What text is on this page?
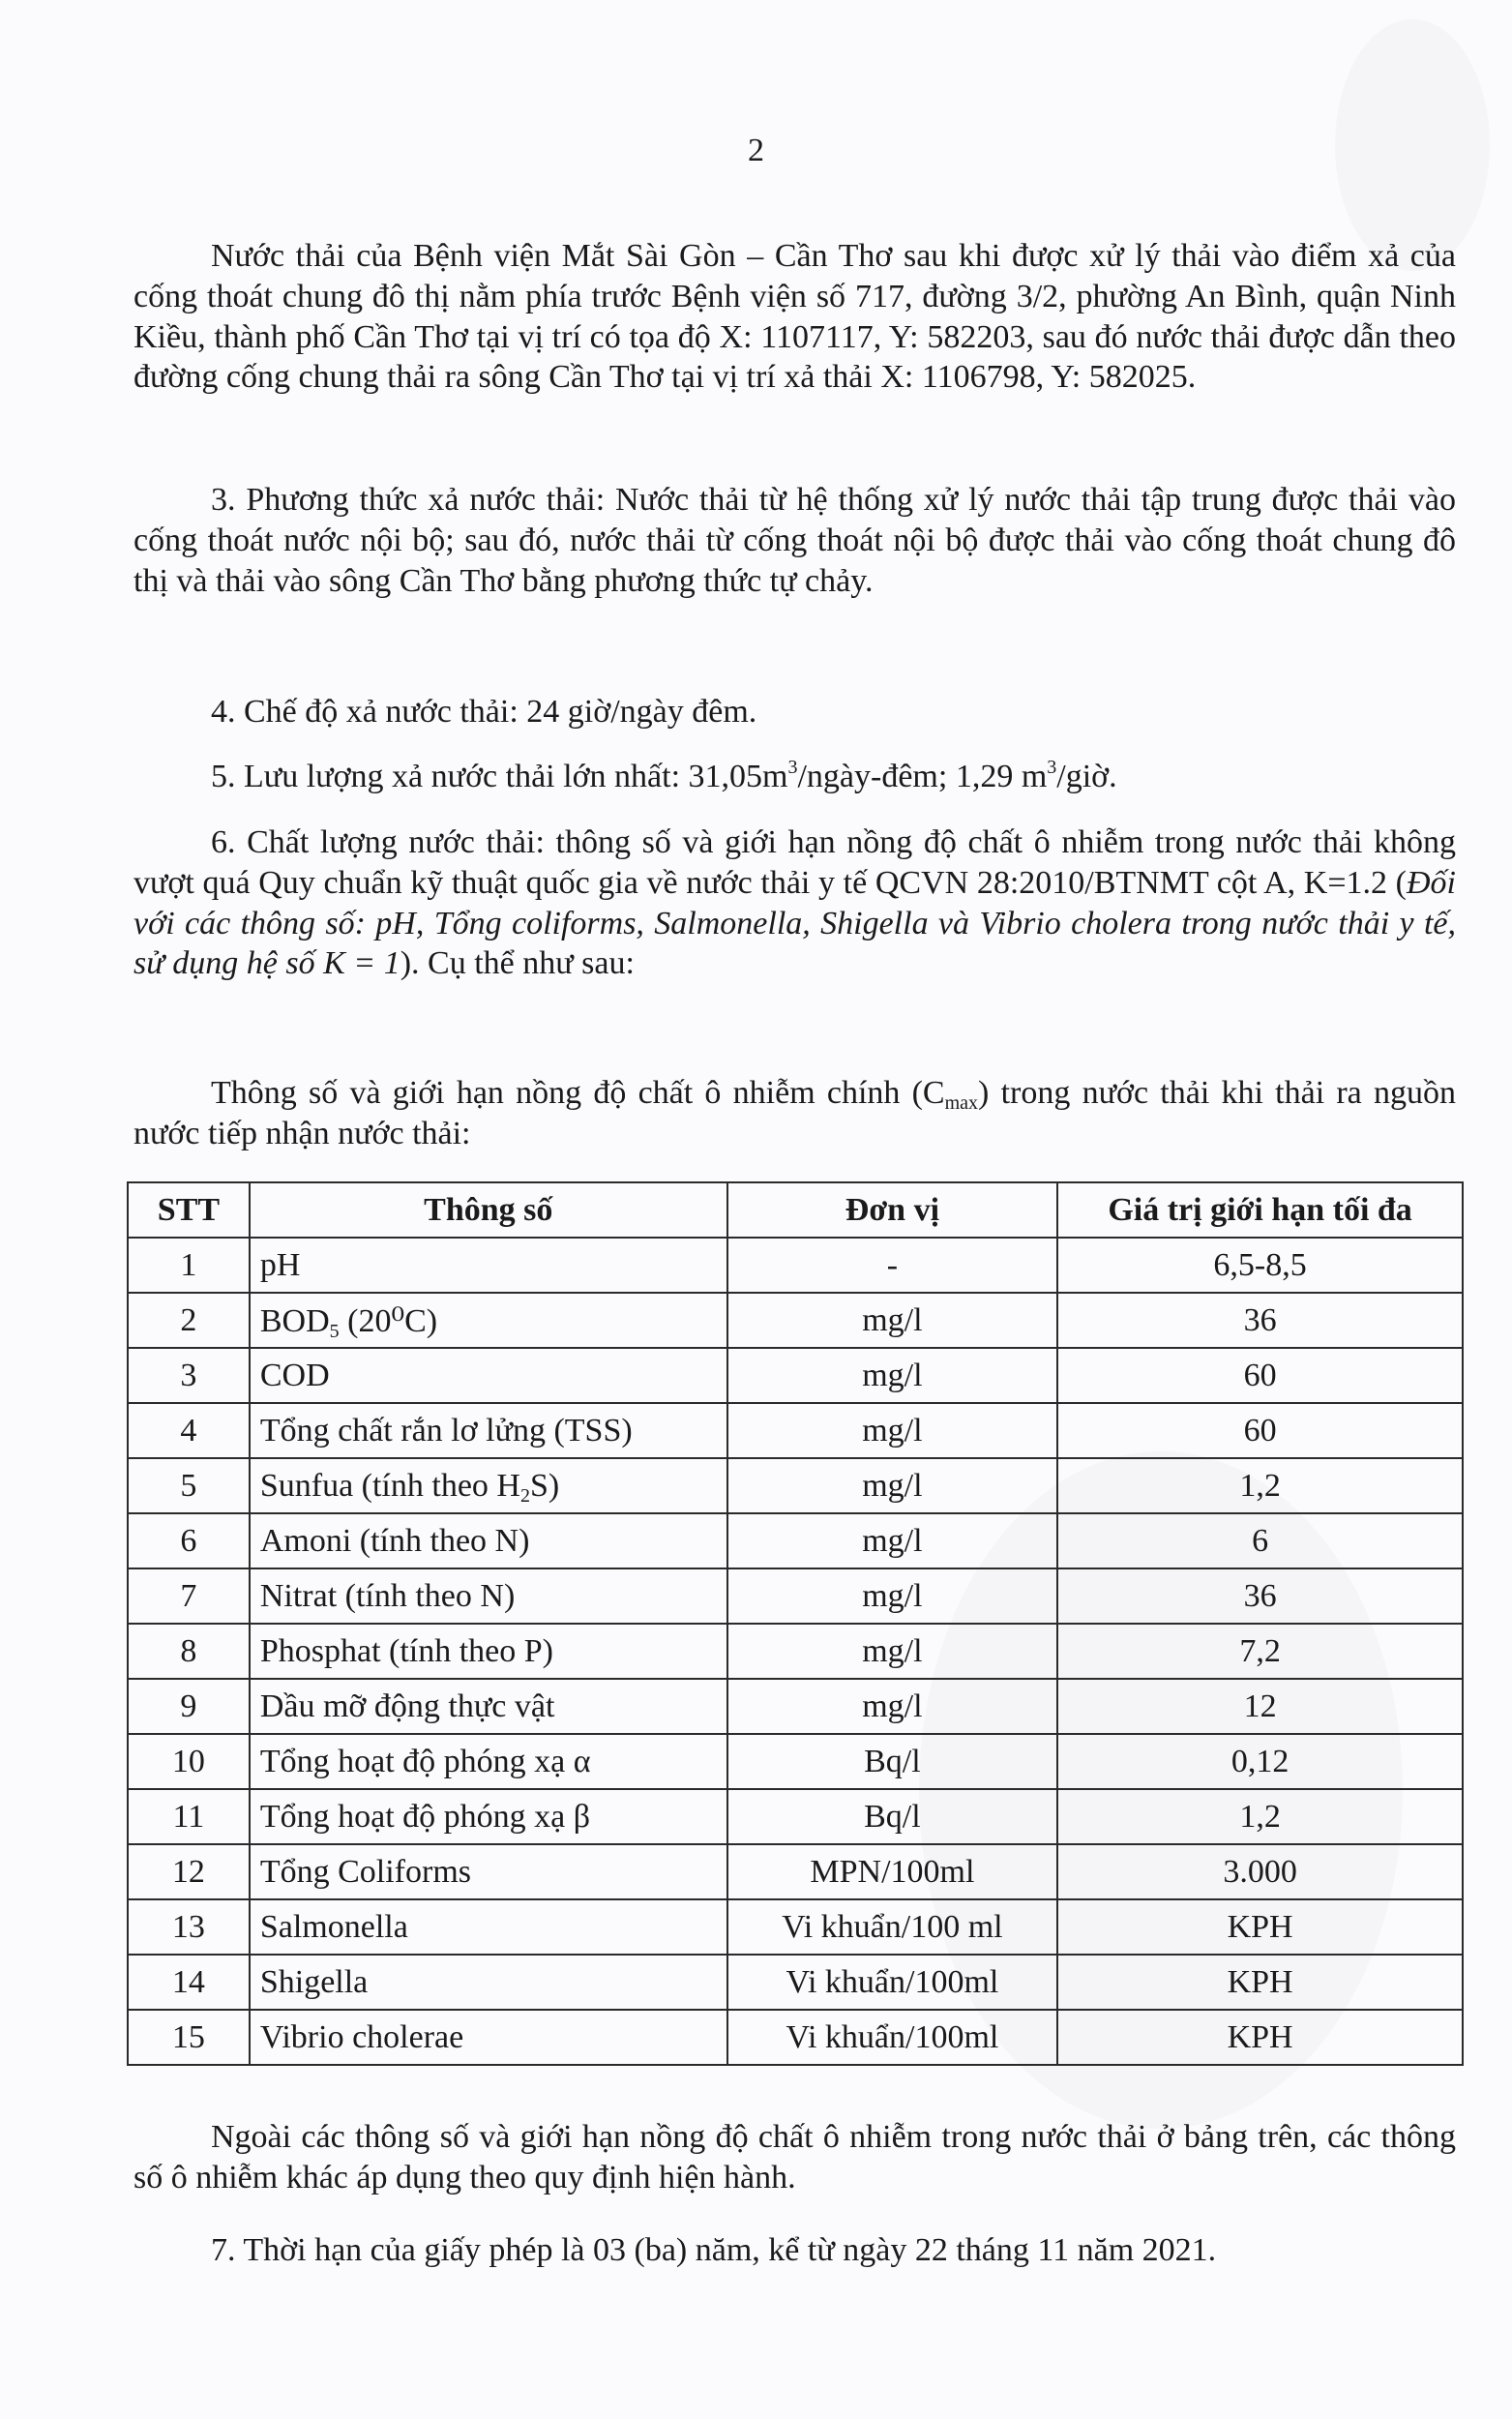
2

Nước thải của Bệnh viện Mắt Sài Gòn – Cần Thơ sau khi được xử lý thải vào điểm xả của cống thoát chung đô thị nằm phía trước Bệnh viện số 717, đường 3/2, phường An Bình, quận Ninh Kiều, thành phố Cần Thơ tại vị trí có tọa độ X: 1107117, Y: 582203, sau đó nước thải được dẫn theo đường cống chung thải ra sông Cần Thơ tại vị trí xả thải X: 1106798, Y: 582025.

3. Phương thức xả nước thải: Nước thải từ hệ thống xử lý nước thải tập trung được thải vào cống thoát nước nội bộ; sau đó, nước thải từ cống thoát nội bộ được thải vào cống thoát chung đô thị và thải vào sông Cần Thơ bằng phương thức tự chảy.

4. Chế độ xả nước thải: 24 giờ/ngày đêm.

5. Lưu lượng xả nước thải lớn nhất: $31,05m^3/ngày$-đêm; 1,29 $m^3$/giờ.

6. Chất lượng nước thải: thông số và giới hạn nồng độ chất ô nhiễm trong nước thải không vượt quá Quy chuẩn kỹ thuật quốc gia về nước thải y tế QCVN 28:2010/BTNMT cột A, K=1.2 (Đối với các thông số: pH, Tổng coliforms, Salmonella, Shigella và Vibrio cholera trong nước thải y tế, sử dụng hệ số K = 1). Cụ thể như sau:

Thông số và giới hạn nồng độ chất ô nhiễm chính $(C_{max})$ trong nước thải khi thải ra nguồn nước tiếp nhận nước thải:

STT	Thông số	Đơn vị	Giá trị giới hạn tối đa
1	pH	-	6,5-8,5
2	$BOD_5$ (20⁰C)	mg/l	36
3	COD	mg/l	60
4	Tổng chất rắn lơ lửng (TSS)	mg/l	60
5	Sunfua (tính theo $H_2S$)	mg/l	1,2
6	Amoni (tính theo N)	mg/l	6
7	Nitrat (tính theo N)	mg/l	36
8	Phosphat (tính theo P)	mg/l	7,2
9	Dầu mỡ động thực vật	mg/l	12
10	Tổng hoạt độ phóng xạ α	Bq/l	0,12
11	Tổng hoạt độ phóng xạ β	Bq/l	1,2
12	Tổng Coliforms	MPN/100ml	3.000
13	Salmonella	Vi khuẩn/100 ml	KPH
14	Shigella	Vi khuẩn/100ml	KPH
15	Vibrio cholerae	Vi khuẩn/100ml	KPH

Ngoài các thông số và giới hạn nồng độ chất ô nhiễm trong nước thải ở bảng trên, các thông số ô nhiễm khác áp dụng theo quy định hiện hành.

7. Thời hạn của giấy phép là 03 (ba) năm, kể từ ngày 22 tháng 11 năm 2021.
